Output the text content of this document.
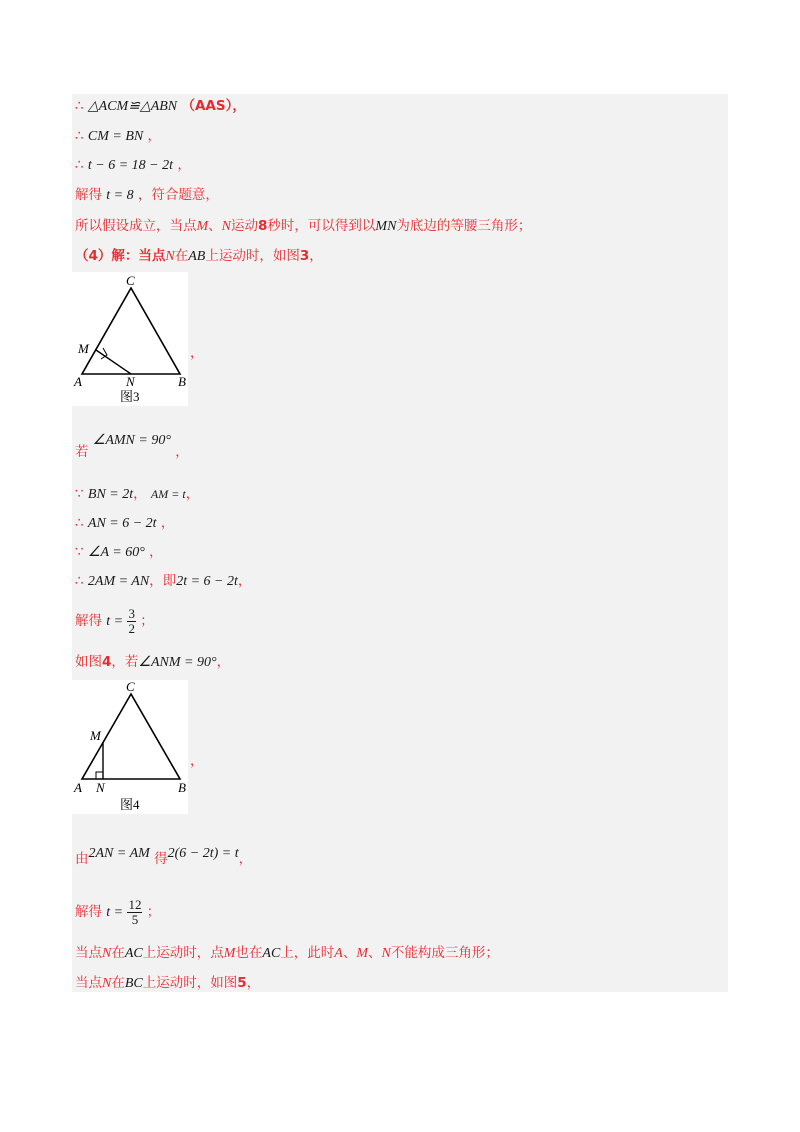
∴ △ACM≌△ABN （AAS），
∴ CM = BN ，
∴ t − 6 = 18 − 2t ，
解得 t = 8 ，符合题意，
所以假设成立，当点M、N运动8秒时，可以得到以MN为底边的等腰三角形；
（4）解：当点N在AB上运动时，如图3，
C
M
A	N	B
图3
，
若 ∠AMN = 90° ，
∵ BN = 2t， AM = t，
∴ AN = 6 − 2t ，
∵ ∠A = 60° ，
∴ 2AM = AN，即2t = 6 − 2t，
解得 $t = \frac{3}{2}$ ；
如图4，若∠ANM = 90°，
C
M
A N	B
图4
，
由2AN = AM 得2(6 − 2t) = t，
解得 $t = \frac{12}{5}$ ；
当点N在AC上运动时，点M也在AC上，此时A、M、N不能构成三角形；
当点N在BC上运动时，如图5，
